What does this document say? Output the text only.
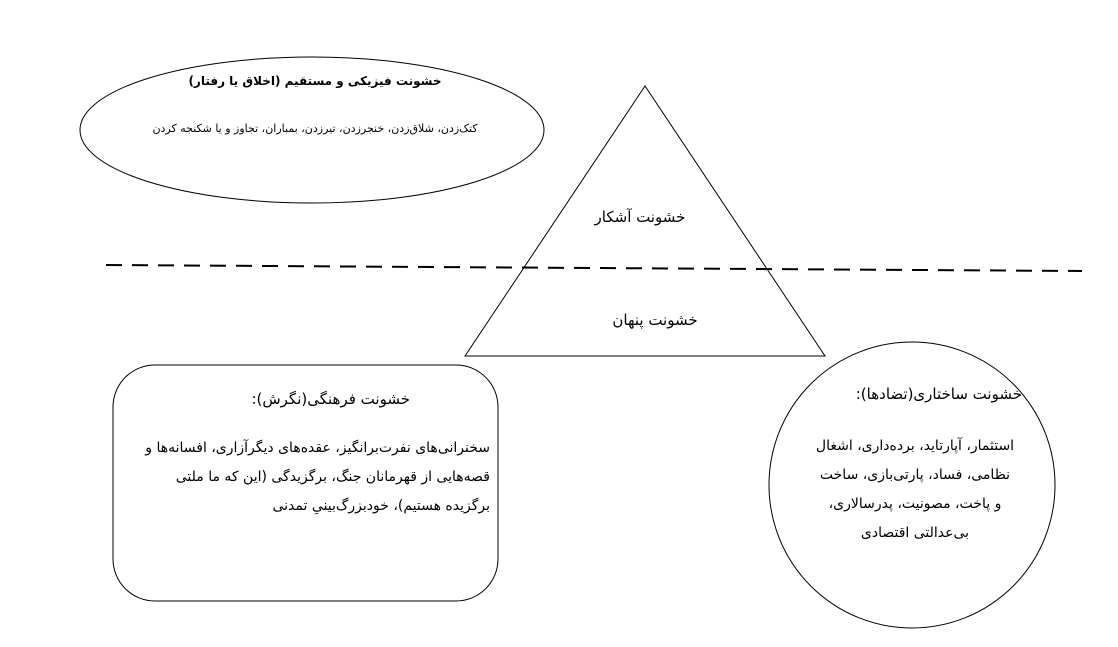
خشونت فیزیکی و مستقیم (اخلاق یا رفتار)
کتک‌زدن، شلاق‌زدن، خنجرزدن، تیرزدن، بمباران، تجاوز و یا شکنجه کردن
خشونت آشکار
خشونت پنهان
خشونت فرهنگی(نگرش):
سخنرانی‌های نفرت‌برانگیز، عقده‌های دیگرآزاری، افسانه‌ها و قصه‌هایی از قهرمانان جنگ، برگزیدگی (این که ما ملتی برگزیده هستیم)، خودبزرگ‌بینیِ تمدنی
خشونت ساختاری(تضادها):
استثمار، آپارتاید، برده‌داری، اشغال نظامی، فساد، پارتی‌بازی، ساخت و پاخت، مصونیت، پدرسالاری، بی‌عدالتی اقتصادی
